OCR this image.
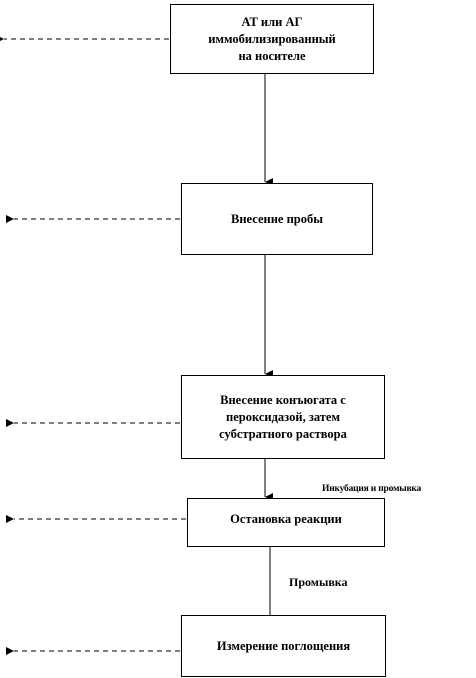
АТ или АГ
иммобилизированный
на носителе
Внесение пробы
Внесение конъюгата с
пероксидазой, затем
субстратного раствора
Остановка реакции
Измерение поглощения
Инкубация и промывка
Промывка
